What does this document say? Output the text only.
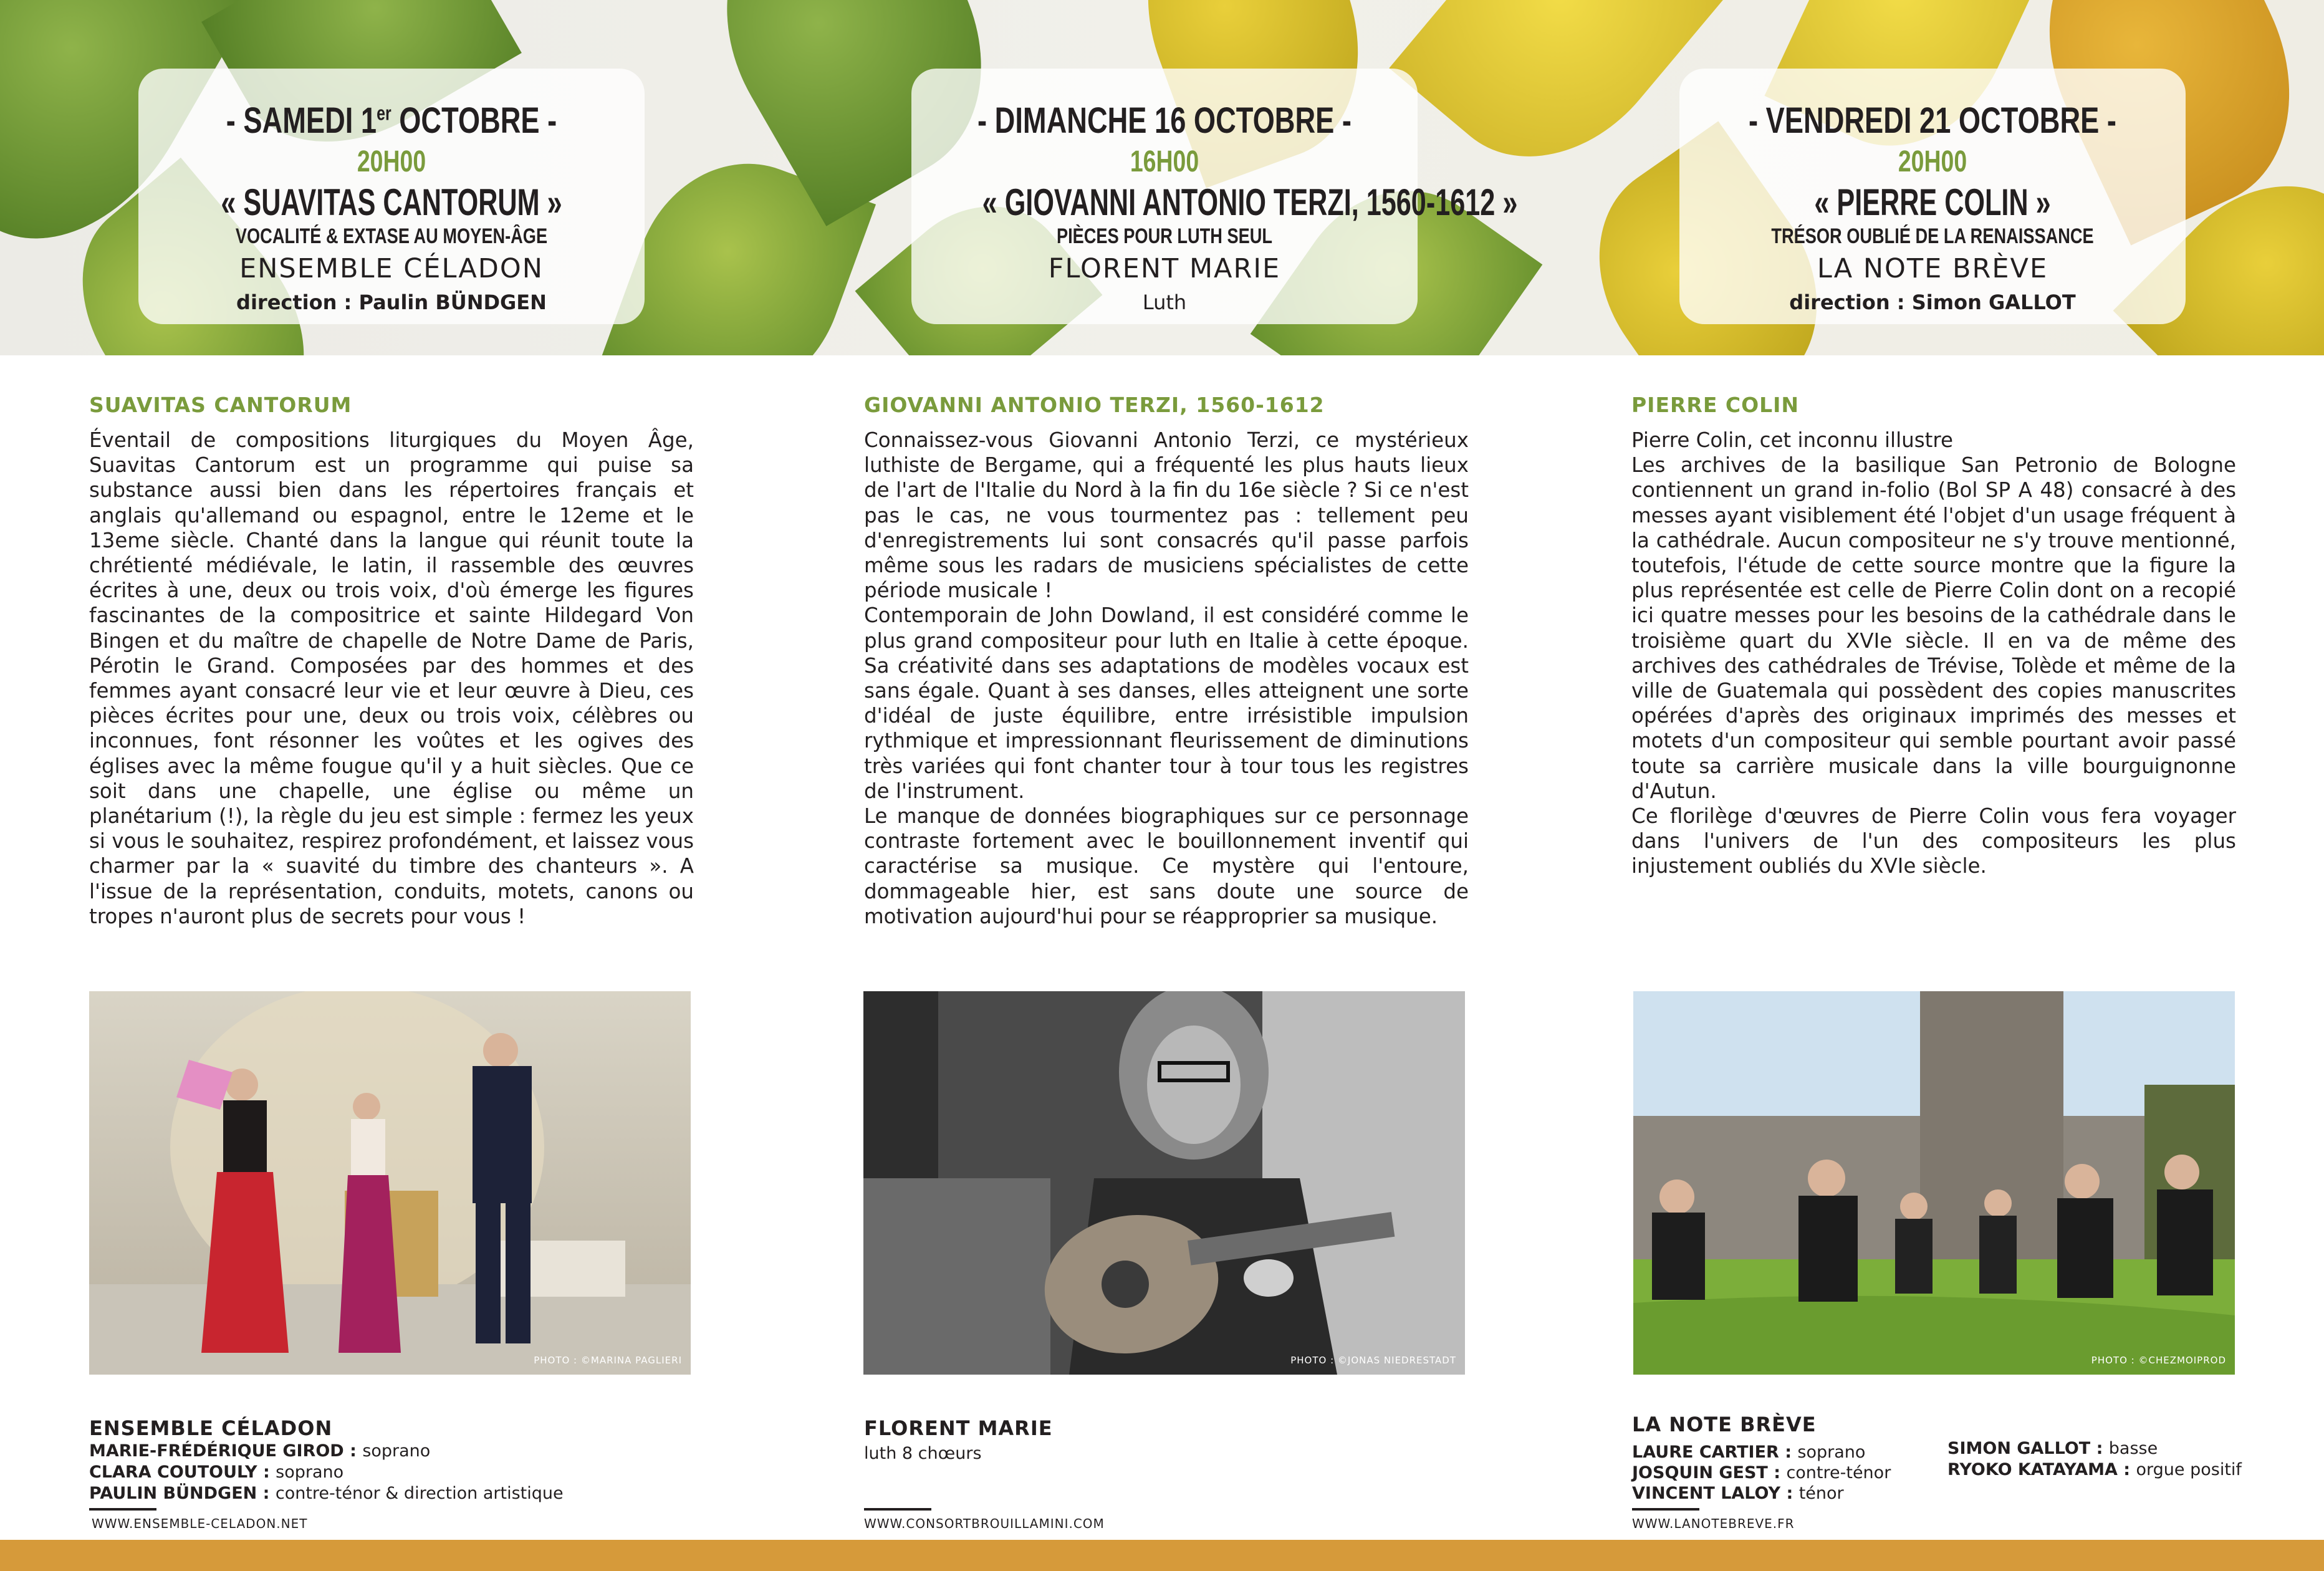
- SAMEDI 1er OCTOBRE -
20H00
« SUAVITAS CANTORUM »
VOCALITÉ & EXTASE AU MOYEN-ÂGE
ENSEMBLE CÉLADON
direction : Paulin BÜNDGEN
- DIMANCHE 16 OCTOBRE -
16H00
« GIOVANNI ANTONIO TERZI, 1560-1612 »
PIÈCES POUR LUTH SEUL
FLORENT MARIE
Luth
- VENDREDI 21 OCTOBRE -
20H00
« PIERRE COLIN »
TRÉSOR OUBLIÉ DE LA RENAISSANCE
LA NOTE BRÈVE
direction : Simon GALLOT
SUAVITAS CANTORUM
Éventail de compositions liturgiques du Moyen Âge, Suavitas Cantorum est un programme qui puise sa substance aussi bien dans les répertoires français et anglais qu'allemand ou espagnol, entre le 12eme et le 13eme siècle. Chanté dans la langue qui réunit toute la chrétienté médiévale, le latin, il rassemble des œuvres écrites à une, deux ou trois voix, d'où émerge les figures fascinantes de la compositrice et sainte Hildegard Von Bingen et du maître de chapelle de Notre Dame de Paris, Pérotin le Grand. Composées par des hommes et des femmes ayant consacré leur vie et leur œuvre à Dieu, ces pièces écrites pour une, deux ou trois voix, célèbres ou inconnues, font résonner les voûtes et les ogives des églises avec la même fougue qu'il y a huit siècles. Que ce soit dans une chapelle, une église ou même un planétarium (!), la règle du jeu est simple : fermez les yeux si vous le souhaitez, respirez profondément, et laissez vous charmer par la « suavité du timbre des chanteurs ». A l'issue de la représentation, conduits, motets, canons ou tropes n'auront plus de secrets pour vous !
GIOVANNI ANTONIO TERZI, 1560-1612
Connaissez-vous Giovanni Antonio Terzi, ce mystérieux luthiste de Bergame, qui a fréquenté les plus hauts lieux de l'art de l'Italie du Nord à la fin du 16e siècle ? Si ce n'est pas le cas, ne vous tourmentez pas : tellement peu d'enregistrements lui sont consacrés qu'il passe parfois même sous les radars de musiciens spécialistes de cette période musicale !
Contemporain de John Dowland, il est considéré comme le plus grand compositeur pour luth en Italie à cette époque. Sa créativité dans ses adaptations de modèles vocaux est sans égale. Quant à ses danses, elles atteignent une sorte d'idéal de juste équilibre, entre irrésistible impulsion rythmique et impressionnant fleurissement de diminutions très variées qui font chanter tour à tour tous les registres de l'instrument.
Le manque de données biographiques sur ce personnage contraste fortement avec le bouillonnement inventif qui caractérise sa musique. Ce mystère qui l'entoure, dommageable hier, est sans doute une source de motivation aujourd'hui pour se réapproprier sa musique.
PIERRE COLIN
Pierre Colin, cet inconnu illustre
Les archives de la basilique San Petronio de Bologne contiennent un grand in-folio (Bol SP A 48) consacré à des messes ayant visiblement été l'objet d'un usage fréquent à la cathédrale. Aucun compositeur ne s'y trouve mentionné, toutefois, l'étude de cette source montre que la figure la plus représentée est celle de Pierre Colin dont on a recopié ici quatre messes pour les besoins de la cathédrale dans le troisième quart du XVIe siècle. Il en va de même des archives des cathédrales de Trévise, Tolède et même de la ville de Guatemala qui possèdent des copies manuscrites opérées d'après des originaux imprimés des messes et motets d'un compositeur qui semble pourtant avoir passé toute sa carrière musicale dans la ville bourguignonne d'Autun.
Ce florilège d'œuvres de Pierre Colin vous fera voyager dans l'univers de l'un des compositeurs les plus injustement oubliés du XVIe siècle.
PHOTO : ©MARINA PAGLIERI	PHOTO : ©JONAS NIEDRESTADT	PHOTO : ©CHEZMOIPROD
ENSEMBLE CÉLADON
MARIE-FRÉDÉRIQUE GIROD : soprano
CLARA COUTOULY : soprano
PAULIN BÜNDGEN : contre-ténor & direction artistique
WWW.ENSEMBLE-CELADON.NET
FLORENT MARIE
luth 8 chœurs
WWW.CONSORTBROUILLAMINI.COM
LA NOTE BRÈVE
LAURE CARTIER : soprano
JOSQUIN GEST : contre-ténor
VINCENT LALOY : ténor
SIMON GALLOT : basse
RYOKO KATAYAMA : orgue positif
WWW.LANOTEBREVE.FR
